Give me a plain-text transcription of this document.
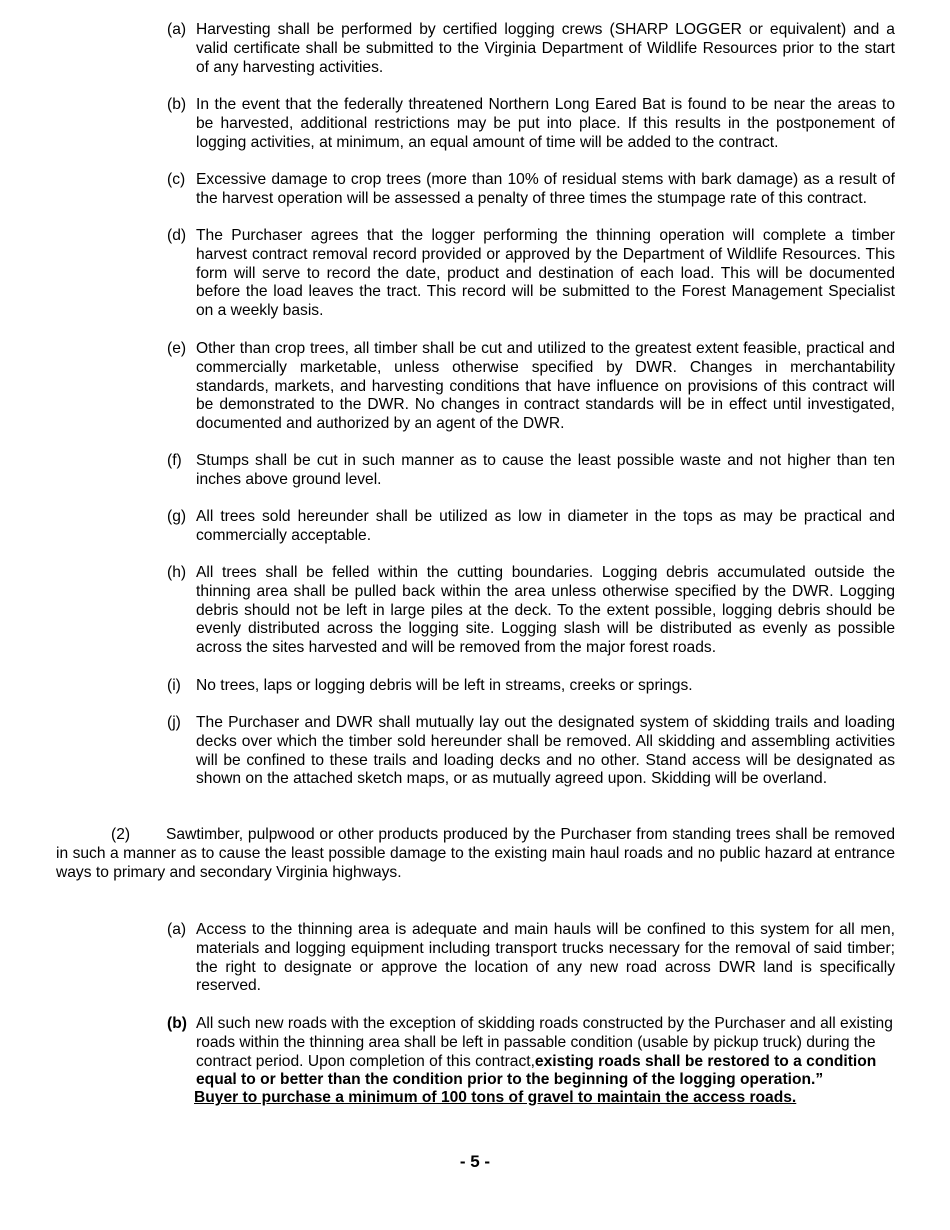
(a) Harvesting shall be performed by certified logging crews (SHARP LOGGER or equivalent) and a valid certificate shall be submitted to the Virginia Department of Wildlife Resources prior to the start of any harvesting activities.
(b) In the event that the federally threatened Northern Long Eared Bat is found to be near the areas to be harvested, additional restrictions may be put into place. If this results in the postponement of logging activities, at minimum, an equal amount of time will be added to the contract.
(c) Excessive damage to crop trees (more than 10% of residual stems with bark damage) as a result of the harvest operation will be assessed a penalty of three times the stumpage rate of this contract.
(d) The Purchaser agrees that the logger performing the thinning operation will complete a timber harvest contract removal record provided or approved by the Department of Wildlife Resources. This form will serve to record the date, product and destination of each load. This will be documented before the load leaves the tract. This record will be submitted to the Forest Management Specialist on a weekly basis.
(e) Other than crop trees, all timber shall be cut and utilized to the greatest extent feasible, practical and commercially marketable, unless otherwise specified by DWR. Changes in merchantability standards, markets, and harvesting conditions that have influence on provisions of this contract will be demonstrated to the DWR. No changes in contract standards will be in effect until investigated, documented and authorized by an agent of the DWR.
(f) Stumps shall be cut in such manner as to cause the least possible waste and not higher than ten inches above ground level.
(g) All trees sold hereunder shall be utilized as low in diameter in the tops as may be practical and commercially acceptable.
(h) All trees shall be felled within the cutting boundaries. Logging debris accumulated outside the thinning area shall be pulled back within the area unless otherwise specified by the DWR. Logging debris should not be left in large piles at the deck. To the extent possible, logging debris should be evenly distributed across the logging site. Logging slash will be distributed as evenly as possible across the sites harvested and will be removed from the major forest roads.
(i) No trees, laps or logging debris will be left in streams, creeks or springs.
(j) The Purchaser and DWR shall mutually lay out the designated system of skidding trails and loading decks over which the timber sold hereunder shall be removed. All skidding and assembling activities will be confined to these trails and loading decks and no other. Stand access will be designated as shown on the attached sketch maps, or as mutually agreed upon. Skidding will be overland.
(2) Sawtimber, pulpwood or other products produced by the Purchaser from standing trees shall be removed in such a manner as to cause the least possible damage to the existing main haul roads and no public hazard at entrance ways to primary and secondary Virginia highways.
(a) Access to the thinning area is adequate and main hauls will be confined to this system for all men, materials and logging equipment including transport trucks necessary for the removal of said timber; the right to designate or approve the location of any new road across DWR land is specifically reserved.
(b) All such new roads with the exception of skidding roads constructed by the Purchaser and all existing roads within the thinning area shall be left in passable condition (usable by pickup truck) during the contract period. Upon completion of this contract,existing roads shall be restored to a condition equal to or better than the condition prior to the beginning of the logging operation.”
Buyer to purchase a minimum of 100 tons of gravel to maintain the access roads.
- 5 -
